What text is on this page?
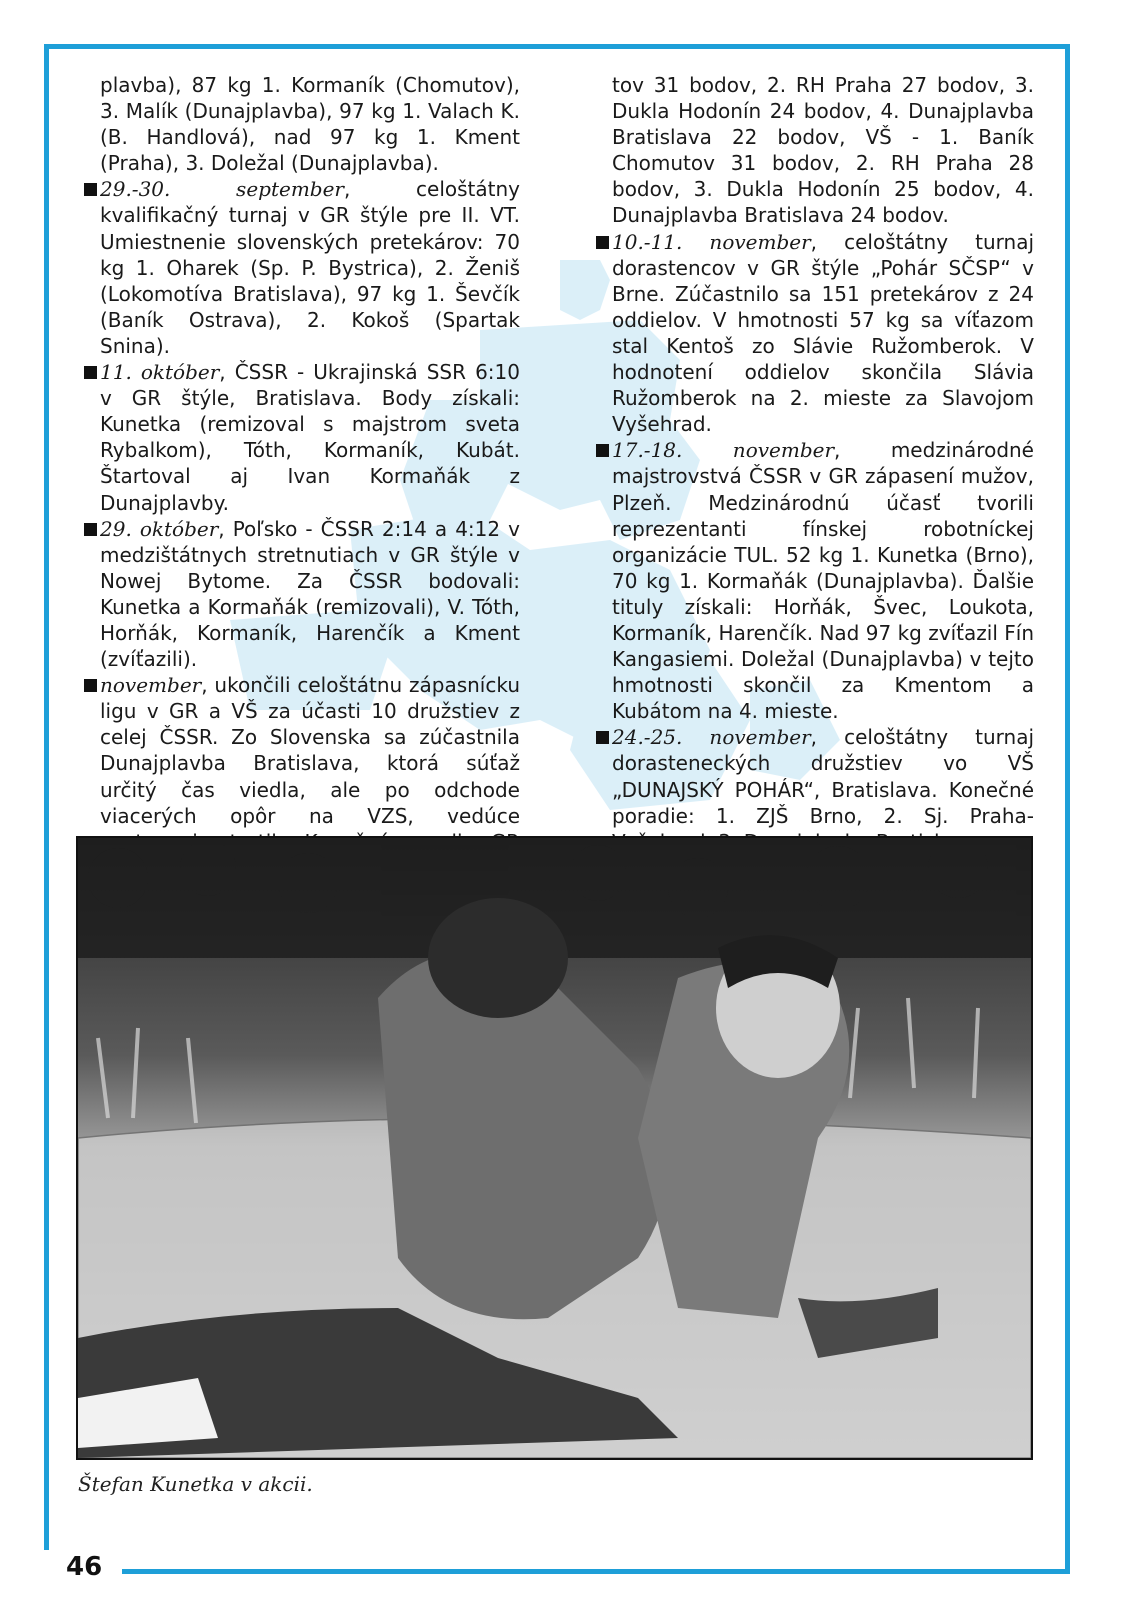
plavba), 87 kg 1. Kormaník (Chomutov), 3. Malík (Dunajplavba), 97 kg 1. Valach K. (B. Handlová), nad 97 kg 1. Kment (Praha), 3. Doležal (Dunajplavba).

29.-30. september, celoštátny kvalifikačný turnaj v GR štýle pre II. VT. Umiestnenie slovenských pretekárov: 70 kg 1. Oharek (Sp. P. Bystrica), 2. Ženiš (Lokomotíva Bratislava), 97 kg 1. Ševčík (Baník Ostrava), 2. Kokoš (Spartak Snina).

11. október, ČSSR - Ukrajinská SSR 6:10 v GR štýle, Bratislava. Body získali: Kunetka (remizoval s majstrom sveta Rybalkom), Tóth, Kormaník, Kubát. Štartoval aj Ivan Kormaňák z Dunajplavby.

29. október, Poľsko - ČSSR 2:14 a 4:12 v medzištátnych stretnutiach v GR štýle v Nowej Bytome. Za ČSSR bodovali: Kunetka a Kormaňák (remizovali), V. Tóth, Horňák, Kormaník, Harenčík a Kment (zvíťazili).

november, ukončili celoštátnu zápasnícku ligu v GR a VŠ za účasti 10 družstiev z celej ČSSR. Zo Slovenska sa zúčastnila Dunajplavba Bratislava, ktorá súťaž určitý čas viedla, ale po odchode viacerých opôr na VZS, vedúce

tov 31 bodov, 2. RH Praha 27 bodov, 3. Dukla Hodonín 24 bodov, 4. Dunajplavba Bratislava 22 bodov, VŠ - 1. Baník Chomutov 31 bodov, 2. RH Praha 28 bodov, 3. Dukla Hodonín 25 bodov, 4. Dunajplavba Bratislava 24 bodov.

10.-11. november, celoštátny turnaj dorastencov v GR štýle „Pohár SČSP“ v Brne. Zúčastnilo sa 151 pretekárov z 24 oddielov. V hmotnosti 57 kg sa víťazom stal Kentoš zo Slávie Ružomberok. V hodnotení oddielov skončila Slávia Ružomberok na 2. mieste za Slavojom Vyšehrad.

17.-18. november, medzinárodné majstrovstvá ČSSR v GR zápasení mužov, Plzeň. Medzinárodnú účasť tvorili reprezentanti fínskej robotníckej organizácie TUL. 52 kg 1. Kunetka (Brno), 70 kg 1. Kormaňák (Dunajplavba). Ďalšie tituly získali: Horňák, Švec, Loukota, Kormaník, Harenčík. Nad 97 kg zvíťazil Fín Kangasiemi. Doležal (Dunajplavba) v tejto hmotnosti skončil za Kmentom a Kubátom na 4. mieste.

24.-25. november, celoštátny turnaj dorasteneckých družstiev vo VŠ „DUNAJSKÝ POHÁR“, Bratislava. Konečné poradie: 1. ZJŠ Brno, 2. Sj. Praha-

Štefan Kunetka v akcii.
46
